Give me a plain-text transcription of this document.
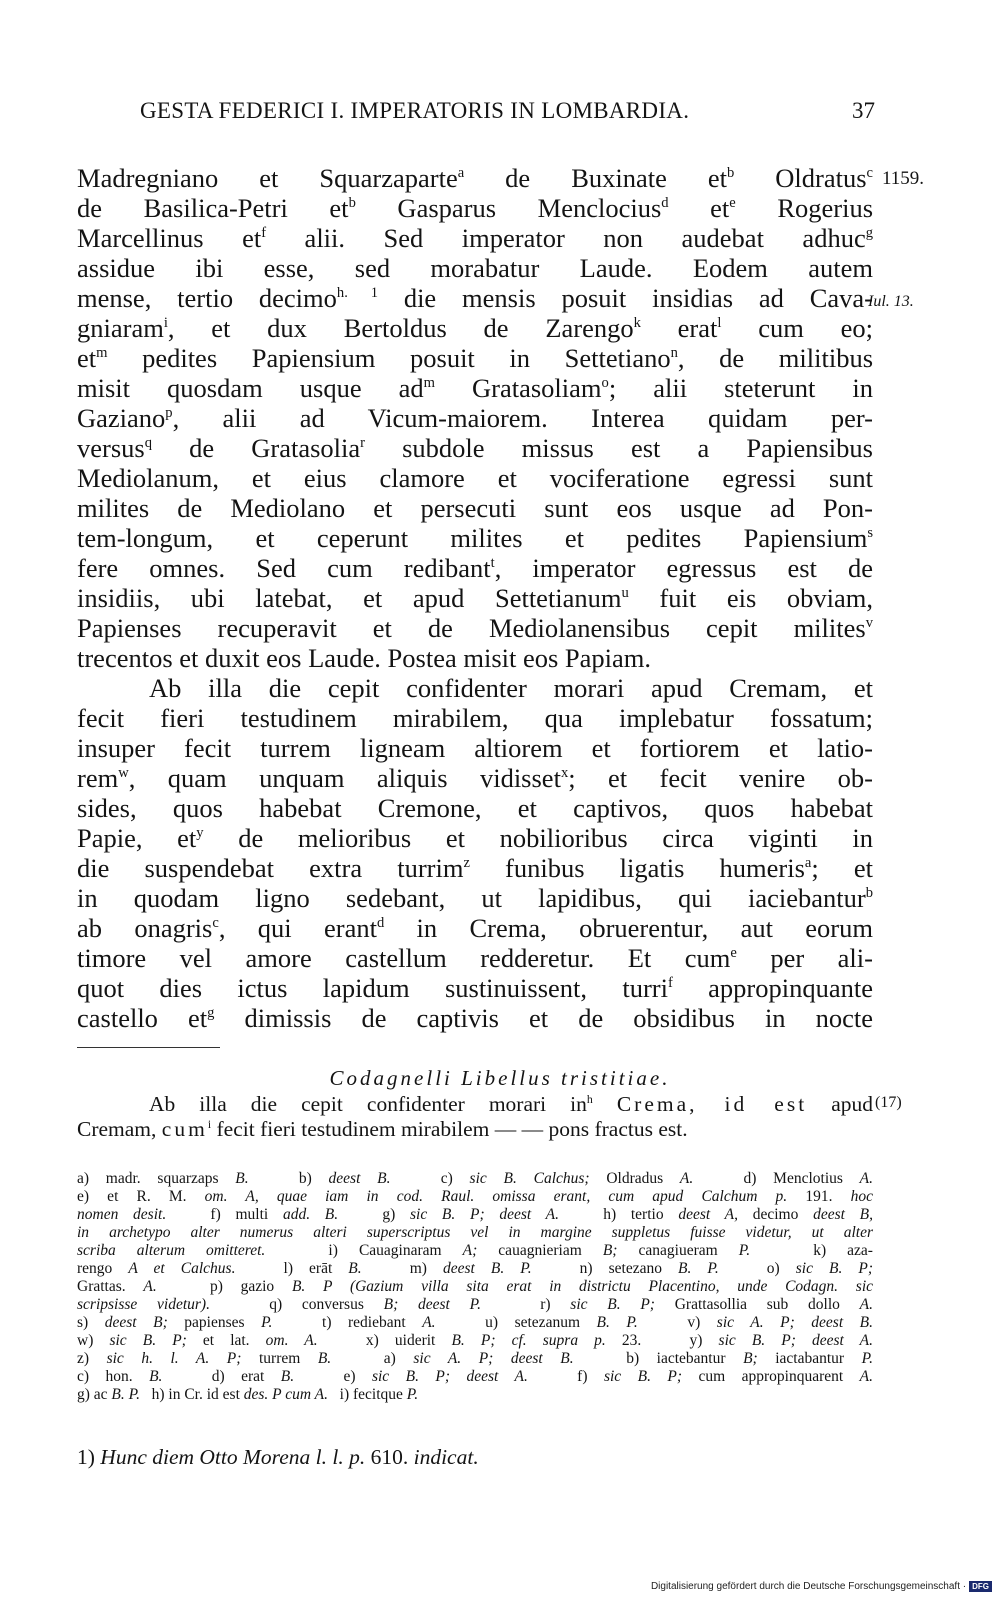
GESTA FEDERICI I. IMPERATORIS IN LOMBARDIA.	37
1159.
Iul. 13.
Madregniano et Squarzaparte$^a$ de Buxinate $et^b$ Oldratus$^c$
de Basilica-Petri $et^b$ Gasparus Menclocius$^d$ $et^e$ Rogerius
Marcellinus $et^f$ alii. Sed imperator non audebat adhuc$^g$
assidue ibi esse, sed morabatur Laude. Eodem autem
mense, tertio decimo$^{h. 1}$ die mensis posuit insidias ad Cava-
gniaram$^i$, et dux Bertoldus de Zarengo$^k$ erat$^l$ cum eo;
$et^m$ pedites Papiensium posuit in Settetiano$^n$, de militibus
misit quosdam usque $ad^m$ Gratasoliam$^o$; alii steterunt in
Gaziano$^p$, alii ad Vicum-maiorem. Interea quidam per-
versus$^q$ de Gratasolia$^r$ subdole missus est a Papiensibus
Mediolanum, et eius clamore et vociferatione egressi sunt
milites de Mediolano et persecuti sunt eos usque ad Pon-
tem-longum, et ceperunt milites et pedites Papiensium$^s$
fere omnes. Sed cum redibant$^t$, imperator egressus est de
insidiis, ubi latebat, et apud Settetianum$^u$ fuit eis obviam,
Papienses recuperavit et de Mediolanensibus cepit milites$^v$
trecentos et duxit eos Laude. Postea misit eos Papiam.
Ab illa die cepit confidenter morari apud Cremam, et
fecit fieri testudinem mirabilem, qua implebatur fossatum;
insuper fecit turrem ligneam altiorem et fortiorem et latio-
rem$^w$, quam unquam aliquis vidisset$^x$; et fecit venire ob-
sides, quos habebat Cremone, et captivos, quos habebat
Papie, $et^y$ de melioribus et nobilioribus circa viginti in
die suspendebat extra turrim$^z$ funibus ligatis humeris$^a$; et
in quodam ligno sedebant, ut lapidibus, qui iaciebantur$^b$
ab onagris$^c$, qui erant$^d$ in Crema, obruerentur, aut eorum
timore vel amore castellum redderetur. Et cum$^e$ per ali-
quot dies ictus lapidum sustinuissent, turri$^f$ appropinquante
castello $et^g$ dimissis de captivis et de obsidibus in nocte
Codagnelli Libellus tristitiae.
(17)
Ab illa die cepit confidenter morari $in^h$ Crema, id est apud
Cremam, cum$^i$ fecit fieri testudinem mirabilem — — pons fractus est.
a) madr. squarzaps B.   b) deest B.   c) sic B. Calchus; Oldradus A.   d) Menclotius A.
e) et R. M. om. A, quae iam in cod. Raul. omissa erant, cum apud Calchum p. 191. hoc
nomen desit.   f) multi add. B.   g) sic B. P; deest A.   h) tertio deest A, decimo deest B,
in archetypo alter numerus alteri superscriptus vel in margine suppletus fuisse videtur, ut alter
scriba alterum omitteret.   i) Cauaginaram A; cauagnieriam B; canagiueram P.   k) aza-
rengo A et Calchus.   l) erāt B.   m) deest B. P.   n) setezano B. P.   o) sic B. P;
Grattas. A.   p) gazio B. P (Gazium villa sita erat in districtu Placentino, unde Codagn. sic
scripsisse videtur).   q) conversus B; deest P.   r) sic B. P; Grattasollia sub dollo A.
s) deest B; papienses P.   t) rediebant A.   u) setezanum B. P.   v) sic A. P; deest B.
w) sic B. P; et lat. om. A.   x) uiderit B. P; cf. supra p. 23.   y) sic B. P; deest A.
z) sic h. l. A. P; turrem B.   a) sic A. P; deest B.   b) iactebantur B; iactabantur P.
c) hon. B.   d) erat B.   e) sic B. P; deest A.   f) sic B. P; cum appropinquarent A.
g) ac B. P.   h) in Cr. id est des. P cum A.   i) fecitque P.
1) Hunc diem Otto Morena l. l. p. 610. indicat.
Digitalisierung gefördert durch die Deutsche Forschungsgemeinschaft · DFG
